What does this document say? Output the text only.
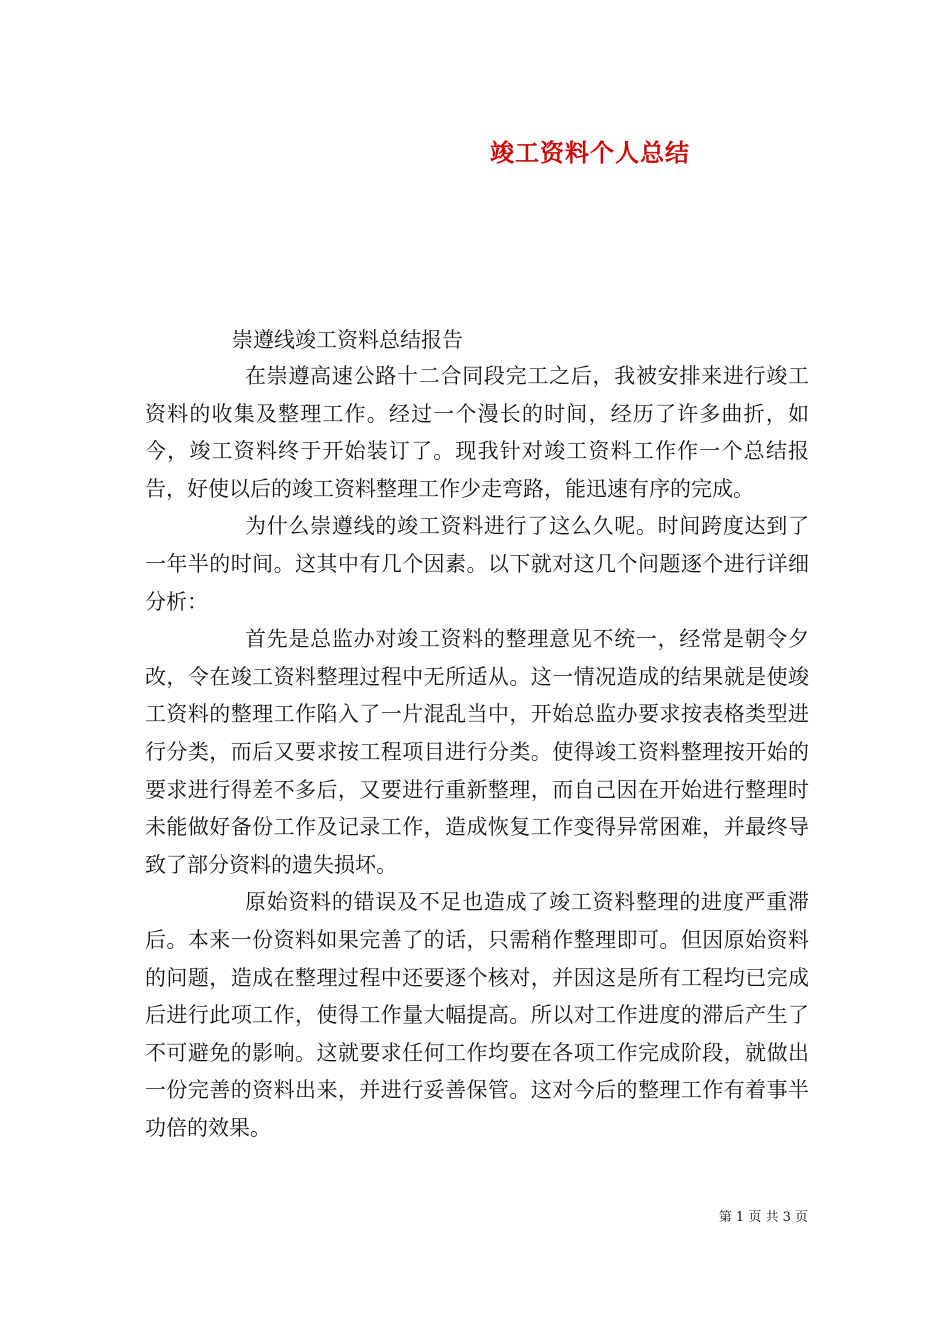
竣工资料个人总结
崇遵线竣工资料总结报告

在崇遵高速公路十二合同段完工之后，我被安排来进行竣工资料的收集及整理工作。经过一个漫长的时间，经历了许多曲折，如今，竣工资料终于开始装订了。现我针对竣工资料工作作一个总结报告，好使以后的竣工资料整理工作少走弯路，能迅速有序的完成。

为什么崇遵线的竣工资料进行了这么久呢。时间跨度达到了一年半的时间。这其中有几个因素。以下就对这几个问题逐个进行详细分析：

首先是总监办对竣工资料的整理意见不统一，经常是朝令夕改，令在竣工资料整理过程中无所适从。这一情况造成的结果就是使竣工资料的整理工作陷入了一片混乱当中，开始总监办要求按表格类型进行分类，而后又要求按工程项目进行分类。使得竣工资料整理按开始的要求进行得差不多后，又要进行重新整理，而自己因在开始进行整理时未能做好备份工作及记录工作，造成恢复工作变得异常困难，并最终导致了部分资料的遗失损坏。

原始资料的错误及不足也造成了竣工资料整理的进度严重滞后。本来一份资料如果完善了的话，只需稍作整理即可。但因原始资料的问题，造成在整理过程中还要逐个核对，并因这是所有工程均已完成后进行此项工作，使得工作量大幅提高。所以对工作进度的滞后产生了不可避免的影响。这就要求任何工作均要在各项工作完成阶段，就做出一份完善的资料出来，并进行妥善保管。这对今后的整理工作有着事半功倍的效果。

第 1 页 共 3 页
